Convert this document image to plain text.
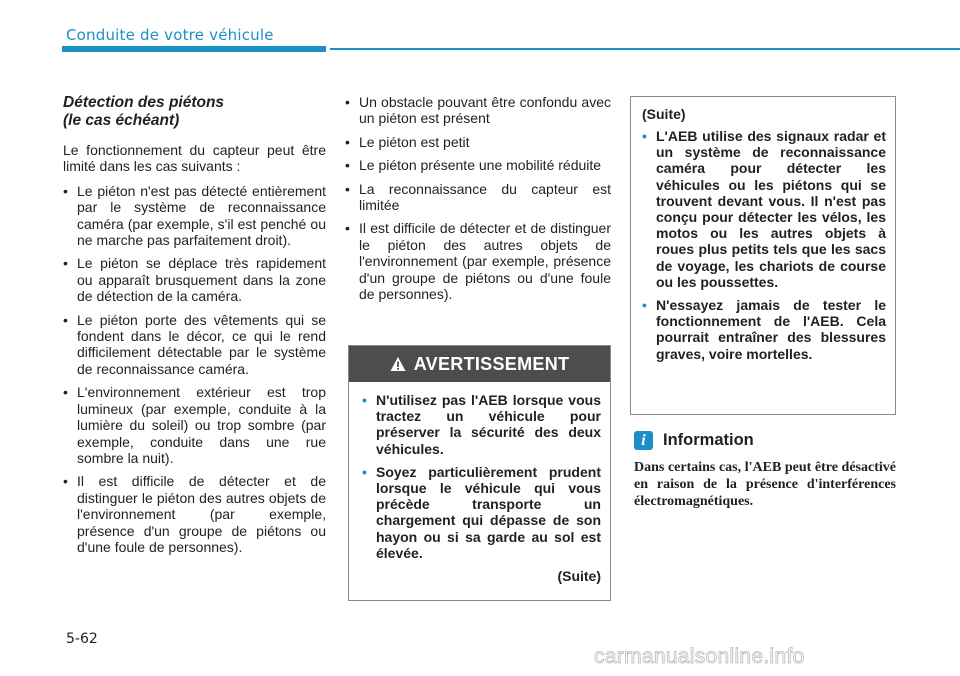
Conduite de votre véhicule
Détection des piétons
(le cas échéant)

Le fonctionnement du capteur peut être limité dans les cas suivants :

• Le piéton n'est pas détecté entièrement par le système de reconnaissance caméra (par exemple, s'il est penché ou ne marche pas parfaitement droit).
• Le piéton se déplace très rapidement ou apparaît brusquement dans la zone de détection de la caméra.
• Le piéton porte des vêtements qui se fondent dans le décor, ce qui le rend difficilement détectable par le système de reconnaissance caméra.
• L'environnement extérieur est trop lumineux (par exemple, conduite à la lumière du soleil) ou trop sombre (par exemple, conduite dans une rue sombre la nuit).
• Il est difficile de détecter et de distinguer le piéton des autres objets de l'environnement (par exemple, présence d'un groupe de piétons ou d'une foule de personnes).
• Un obstacle pouvant être confondu avec un piéton est présent
• Le piéton est petit
• Le piéton présente une mobilité réduite
• La reconnaissance du capteur est limitée
• Il est difficile de détecter et de distinguer le piéton des autres objets de l'environnement (par exemple, présence d'un groupe de piétons ou d'une foule de personnes).
AVERTISSEMENT
• N'utilisez pas l'AEB lorsque vous tractez un véhicule pour préserver la sécurité des deux véhicules.
• Soyez particulièrement prudent lorsque le véhicule qui vous précède transporte un chargement qui dépasse de son hayon ou si sa garde au sol est élevée.
(Suite)
(Suite)
• L'AEB utilise des signaux radar et un système de reconnaissance caméra pour détecter les véhicules ou les piétons qui se trouvent devant vous. Il n'est pas conçu pour détecter les vélos, les motos ou les autres objets à roues plus petits tels que les sacs de voyage, les chariots de course ou les poussettes.
• N'essayez jamais de tester le fonctionnement de l'AEB. Cela pourrait entraîner des blessures graves, voire mortelles.
i	Information
Dans certains cas, l'AEB peut être désactivé en raison de la présence d'interférences électromagnétiques.
5-62
carmanualsonline.info
